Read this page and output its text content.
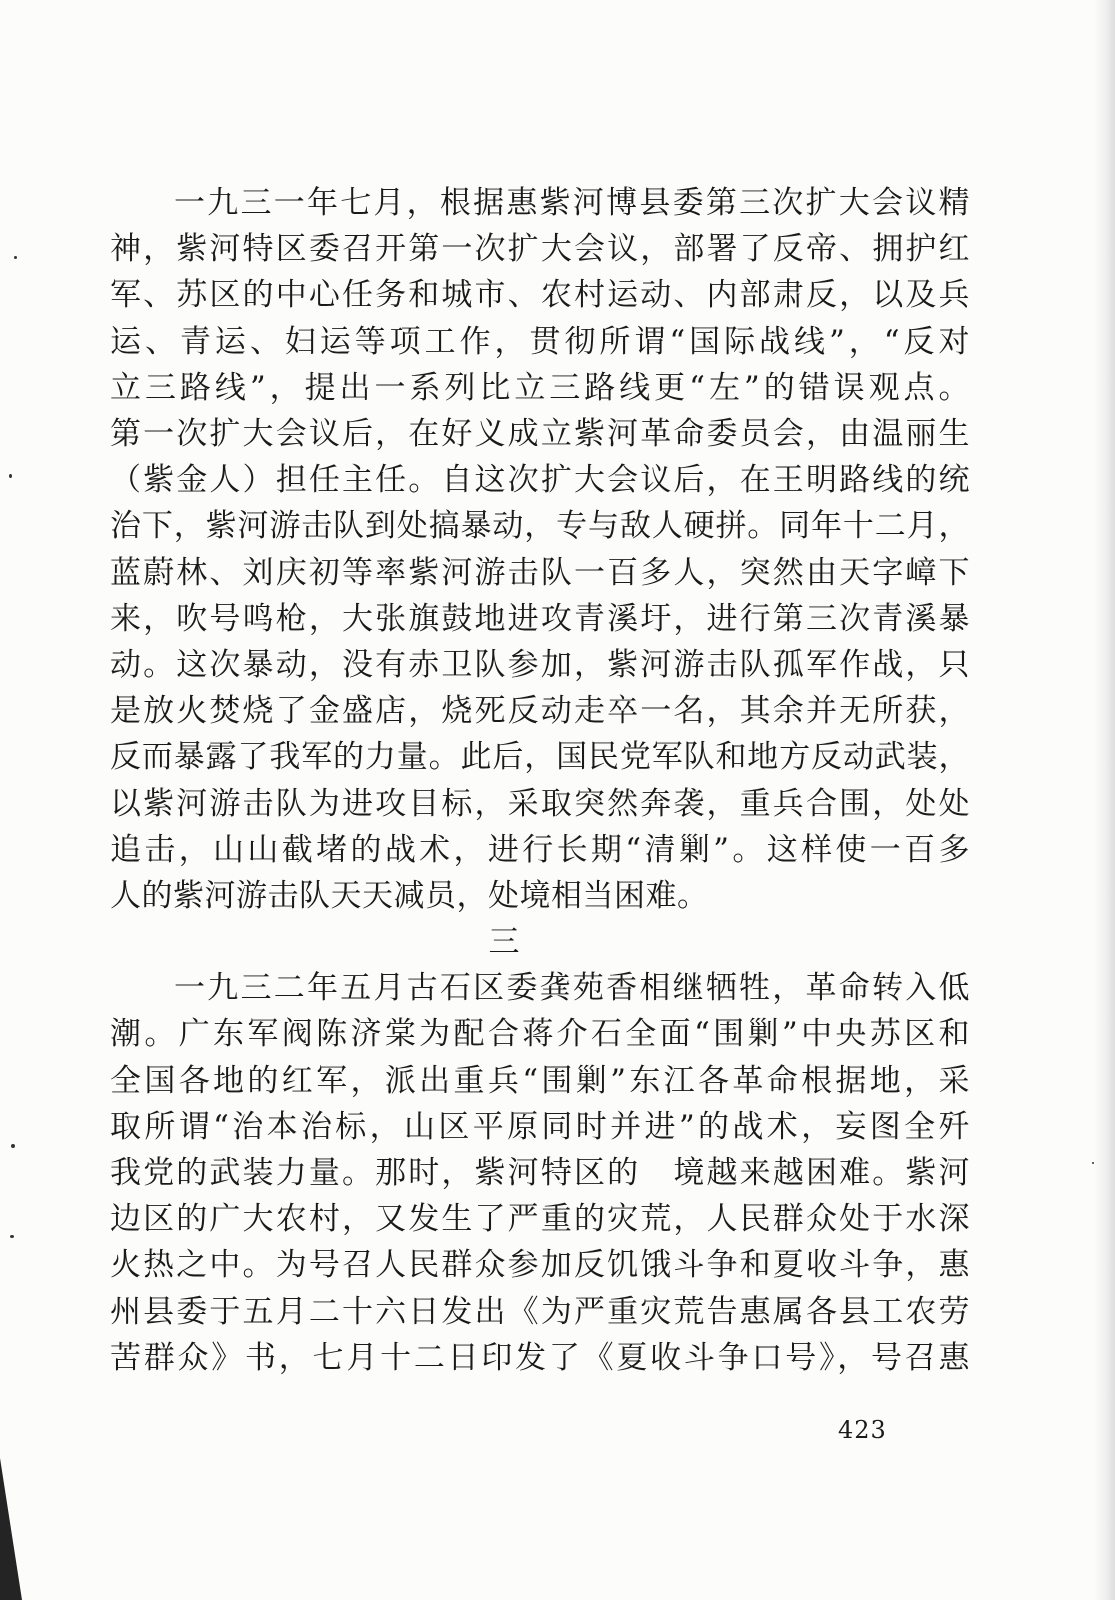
一九三一年七月，根据惠紫河博县委第三次扩大会议精

神，紫河特区委召开第一次扩大会议，部署了反帝、拥护红

军、苏区的中心任务和城市、农村运动、内部肃反，以及兵

运、青运、妇运等项工作，贯彻所谓“国际战线”，“反对

立三路线”，提出一系列比立三路线更“左”的错误观点。

第一次扩大会议后，在好义成立紫河革命委员会，由温丽生

（紫金人）担任主任。自这次扩大会议后，在王明路线的统

治下，紫河游击队到处搞暴动，专与敌人硬拼。同年十二月，

蓝蔚林、刘庆初等率紫河游击队一百多人，突然由天字嶂下

来，吹号鸣枪，大张旗鼓地进攻青溪圩，进行第三次青溪暴

动。这次暴动，没有赤卫队参加，紫河游击队孤军作战，只

是放火焚烧了金盛店，烧死反动走卒一名，其余并无所获，

反而暴露了我军的力量。此后，国民党军队和地方反动武装，

以紫河游击队为进攻目标，采取突然奔袭，重兵合围，处处

追击，山山截堵的战术，进行长期“清剿”。这样使一百多

人的紫河游击队天天减员，处境相当困难。

三

一九三二年五月古石区委龚苑香相继牺牲，革命转入低

潮。广东军阀陈济棠为配合蒋介石全面“围剿”中央苏区和

全国各地的红军，派出重兵“围剿”东江各革命根据地，采

取所谓“治本治标，山区平原同时并进”的战术，妄图全歼

我党的武装力量。那时，紫河特区的　境越来越困难。紫河

边区的广大农村，又发生了严重的灾荒，人民群众处于水深

火热之中。为号召人民群众参加反饥饿斗争和夏收斗争，惠

州县委于五月二十六日发出《为严重灾荒告惠属各县工农劳

苦群众》书，七月十二日印发了《夏收斗争口号》，号召惠

423
